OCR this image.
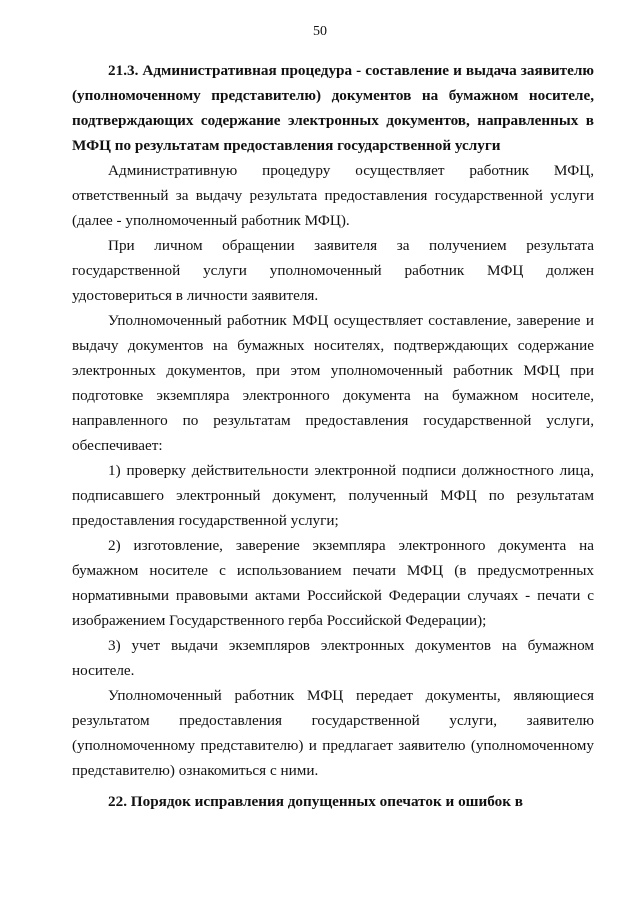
50

21.3. Административная процедура - составление и выдача заявителю (уполномоченному представителю) документов на бумажном носителе, подтверждающих содержание электронных документов, направленных в МФЦ по результатам предоставления государственной услуги

Административную процедуру осуществляет работник МФЦ, ответственный за выдачу результата предоставления государственной услуги (далее - уполномоченный работник МФЦ).

При личном обращении заявителя за получением результата государственной услуги уполномоченный работник МФЦ должен удостовериться в личности заявителя.

Уполномоченный работник МФЦ осуществляет составление, заверение и выдачу документов на бумажных носителях, подтверждающих содержание электронных документов, при этом уполномоченный работник МФЦ при подготовке экземпляра электронного документа на бумажном носителе, направленного по результатам предоставления государственной услуги, обеспечивает:

1) проверку действительности электронной подписи должностного лица, подписавшего электронный документ, полученный МФЦ по результатам предоставления государственной услуги;

2) изготовление, заверение экземпляра электронного документа на бумажном носителе с использованием печати МФЦ (в предусмотренных нормативными правовыми актами Российской Федерации случаях - печати с изображением Государственного герба Российской Федерации);

3) учет выдачи экземпляров электронных документов на бумажном носителе.

Уполномоченный работник МФЦ передает документы, являющиеся результатом предоставления государственной услуги, заявителю (уполномоченному представителю) и предлагает заявителю (уполномоченному представителю) ознакомиться с ними.

22. Порядок исправления допущенных опечаток и ошибок в
